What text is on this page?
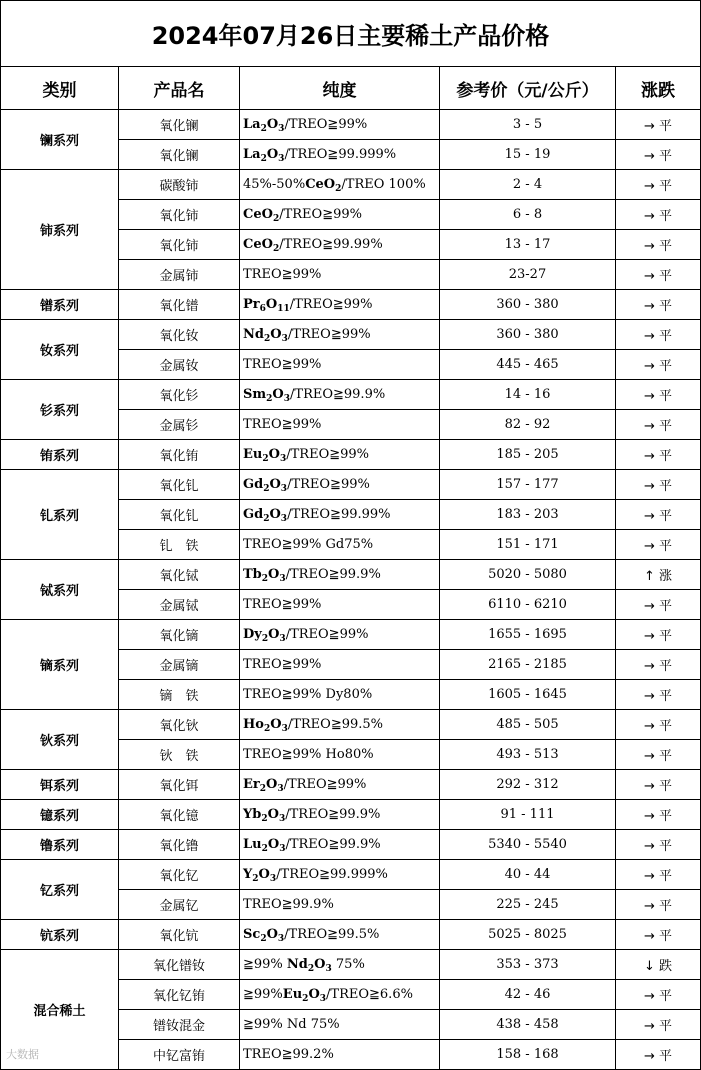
2024年07月26日主要稀土产品价格				
类别	产品名	纯度	参考价（元/公斤）	涨跌
镧系列	氧化镧	$La_2O_3/TREO≧99\%$	3 - 5	→ 平
	氧化镧	$La_2O_3/TREO≧99.999\%$	15 - 19	→ 平
铈系列	碳酸铈	45%-50%CeO$_2$/TREO 100%	2 - 4	→ 平
	氧化铈	CeO$_2$/TREO≧99%	6 - 8	→ 平
	氧化铈	CeO$_2$/TREO≧99.99%	13 - 17	→ 平
	金属铈	TREO≧99%	23-27	→ 平
镨系列	氧化镨	$Pr_6O_{11}/TREO≧99\%$	360 - 380	→ 平
钕系列	氧化钕	$Nd_2O_3/TREO≧99\%$	360 - 380	→ 平
	金属钕	TREO≧99%	445 - 465	→ 平
钐系列	氧化钐	$Sm_2O_3/TREO≧99.9\%$	14 - 16	→ 平
	金属钐	TREO≧99%	82 - 92	→ 平
铕系列	氧化铕	$Eu_2O_3/TREO≧99\%$	185 - 205	→ 平
钆系列	氧化钆	$Gd_2O_3/TREO≧99\%$	157 - 177	→ 平
	氧化钆	$Gd_2O_3/TREO≧99.99\%$	183 - 203	→ 平
	钆　铁	TREO≧99% Gd75%	151 - 171	→ 平
铽系列	氧化铽	$Tb_2O_3/TREO≧99.9\%$	5020 - 5080	↑ 涨
	金属铽	TREO≧99%	6110 - 6210	→ 平
镝系列	氧化镝	$Dy_2O_3/TREO≧99\%$	1655 - 1695	→ 平
	金属镝	TREO≧99%	2165 - 2185	→ 平
	镝　铁	TREO≧99% Dy80%	1605 - 1645	→ 平
钬系列	氧化钬	$Ho_2O_3/TREO≧99.5\%$	485 - 505	→ 平
	钬　铁	TREO≧99% Ho80%	493 - 513	→ 平
铒系列	氧化铒	$Er_2O_3/TREO≧99\%$	292 - 312	→ 平
镱系列	氧化镱	$Yb_2O_3/TREO≧99.9\%$	91 - 111	→ 平
镥系列	氧化镥	$Lu_2O_3/TREO≧99.9\%$	5340 - 5540	→ 平
钇系列	氧化钇	$Y_2O_3/TREO≧99.999\%$	40 - 44	→ 平
	金属钇	TREO≧99.9%	225 - 245	→ 平
钪系列	氧化钪	$Sc_2O_3/TREO≧99.5\%$	5025 - 8025	→ 平
混合稀土	氧化镨钕	≧99% $Nd_2O_3$ 75%	353 - 373	↓ 跌
	氧化钇铕	$≧99\%Eu_2O_3/TREO≧6.6\%$	42 - 46	→ 平
	镨钕混金	≧99% Nd 75%	438 - 458	→ 平
	中钇富铕	TREO≧99.2%	158 - 168	→ 平
大数据
